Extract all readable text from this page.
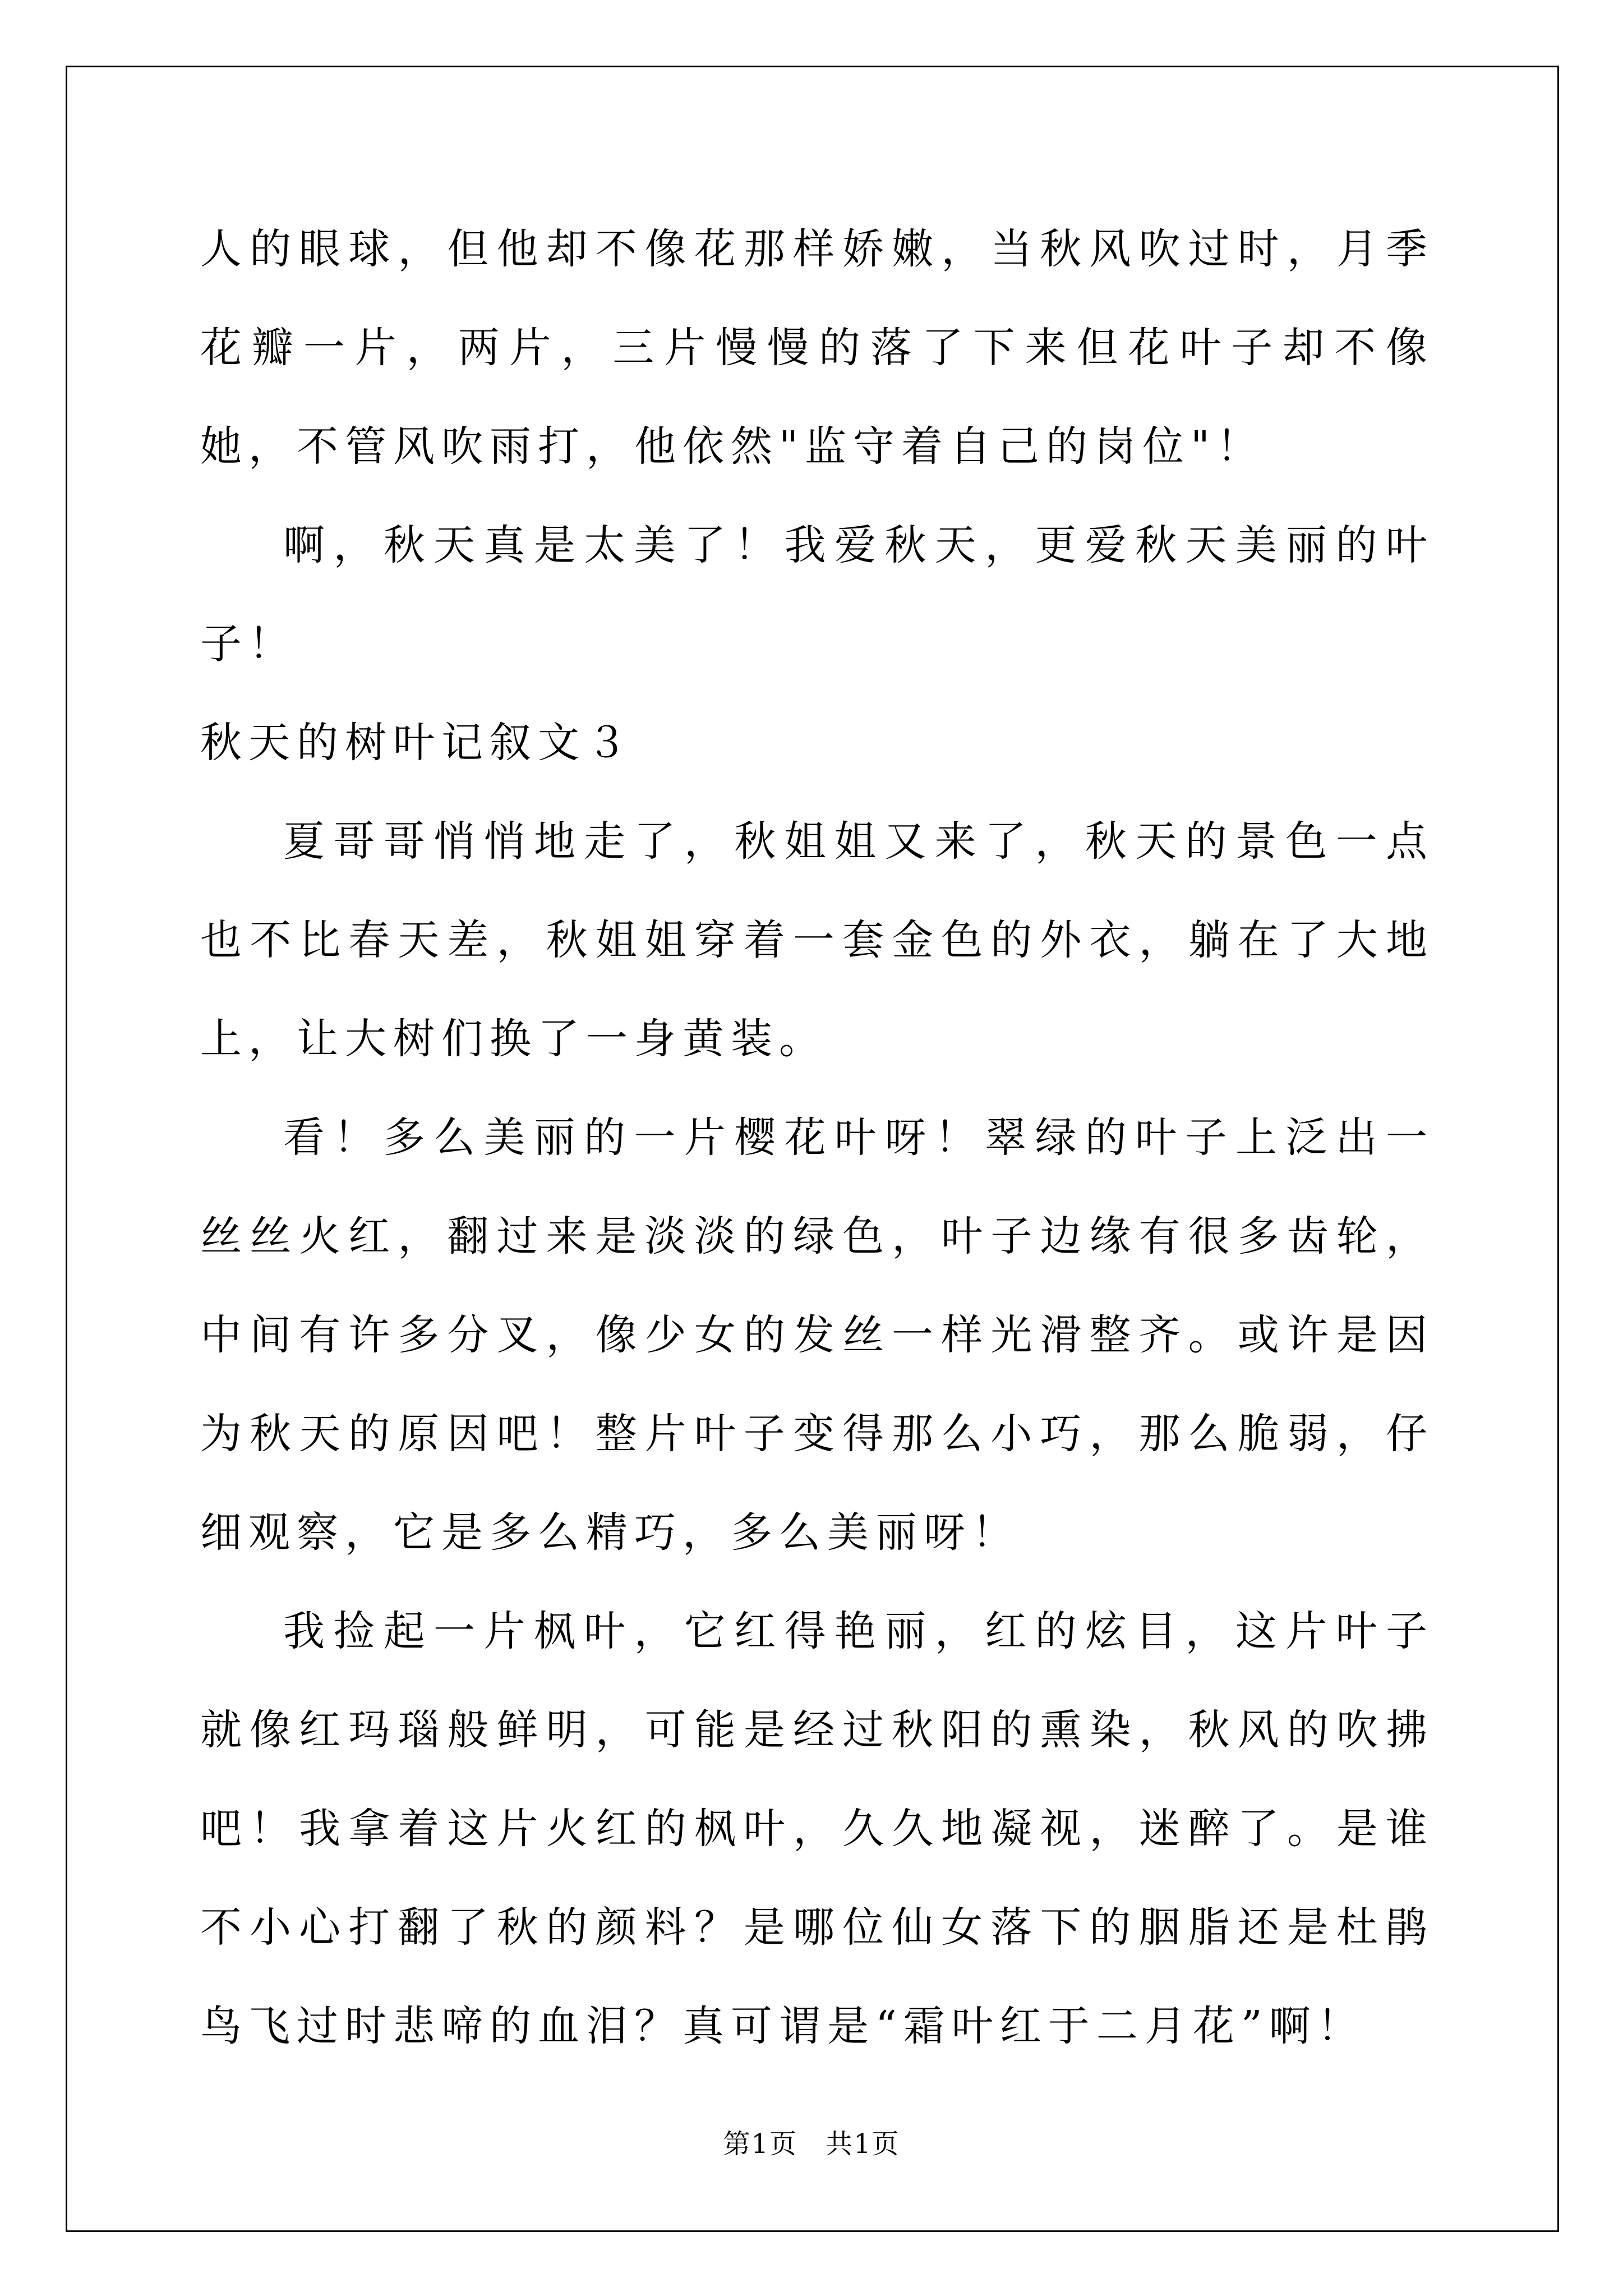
人的眼球，但他却不像花那样娇嫩，当秋风吹过时，月季花瓣一片，两片，三片慢慢的落了下来但花叶子却不像她，不管风吹雨打，他依然"监守着自己的岗位"！

啊，秋天真是太美了！我爱秋天，更爱秋天美丽的叶子！

秋天的树叶记叙文３

夏哥哥悄悄地走了，秋姐姐又来了，秋天的景色一点也不比春天差，秋姐姐穿着一套金色的外衣，躺在了大地上，让大树们换了一身黄装。

看！多么美丽的一片樱花叶呀！翠绿的叶子上泛出一丝丝火红，翻过来是淡淡的绿色，叶子边缘有很多齿轮，中间有许多分叉，像少女的发丝一样光滑整齐。或许是因为秋天的原因吧！整片叶子变得那么小巧，那么脆弱，仔细观察，它是多么精巧，多么美丽呀！

我捡起一片枫叶，它红得艳丽，红的炫目，这片叶子就像红玛瑙般鲜明，可能是经过秋阳的熏染，秋风的吹拂吧！我拿着这片火红的枫叶，久久地凝视，迷醉了。是谁不小心打翻了秋的颜料？是哪位仙女落下的胭脂还是杜鹃鸟飞过时悲啼的血泪？真可谓是“霜叶红于二月花”啊！

第1页　共1页
